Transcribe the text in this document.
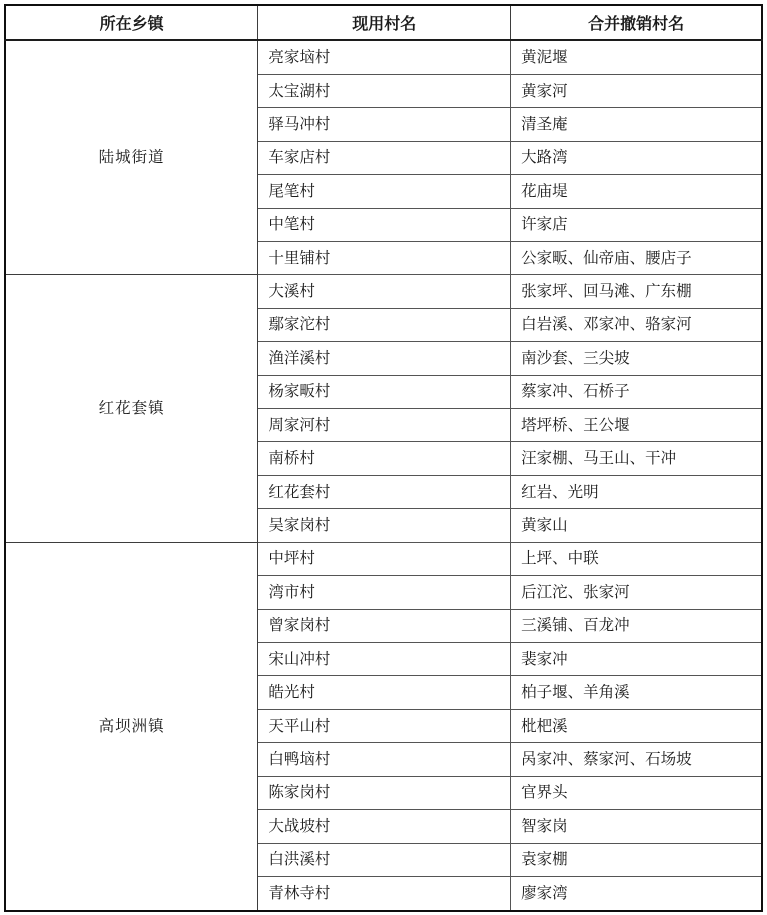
所在乡镇	现用村名	合并撤销村名
陆城街道	亮家垴村	黄泥堰
	太宝湖村	黄家河
	驿马冲村	清圣庵
	车家店村	大路湾
	尾笔村	花庙堤
	中笔村	许家店
	十里铺村	公家畈、仙帝庙、腰店子
红花套镇	大溪村	张家坪、回马滩、广东棚
	鄢家沱村	白岩溪、邓家冲、骆家河
	渔洋溪村	南沙套、三尖坡
	杨家畈村	蔡家冲、石桥子
	周家河村	塔坪桥、王公堰
	南桥村	汪家棚、马王山、干冲
	红花套村	红岩、光明
	吴家岗村	黄家山
高坝洲镇	中坪村	上坪、中联
	湾市村	后江沱、张家河
	曾家岗村	三溪铺、百龙冲
	宋山冲村	裴家冲
	皓光村	柏子堰、羊角溪
	天平山村	枇杷溪
	白鸭垴村	呙家冲、蔡家河、石场坡
	陈家岗村	官界头
	大战坡村	智家岗
	白洪溪村	袁家棚
	青林寺村	廖家湾
